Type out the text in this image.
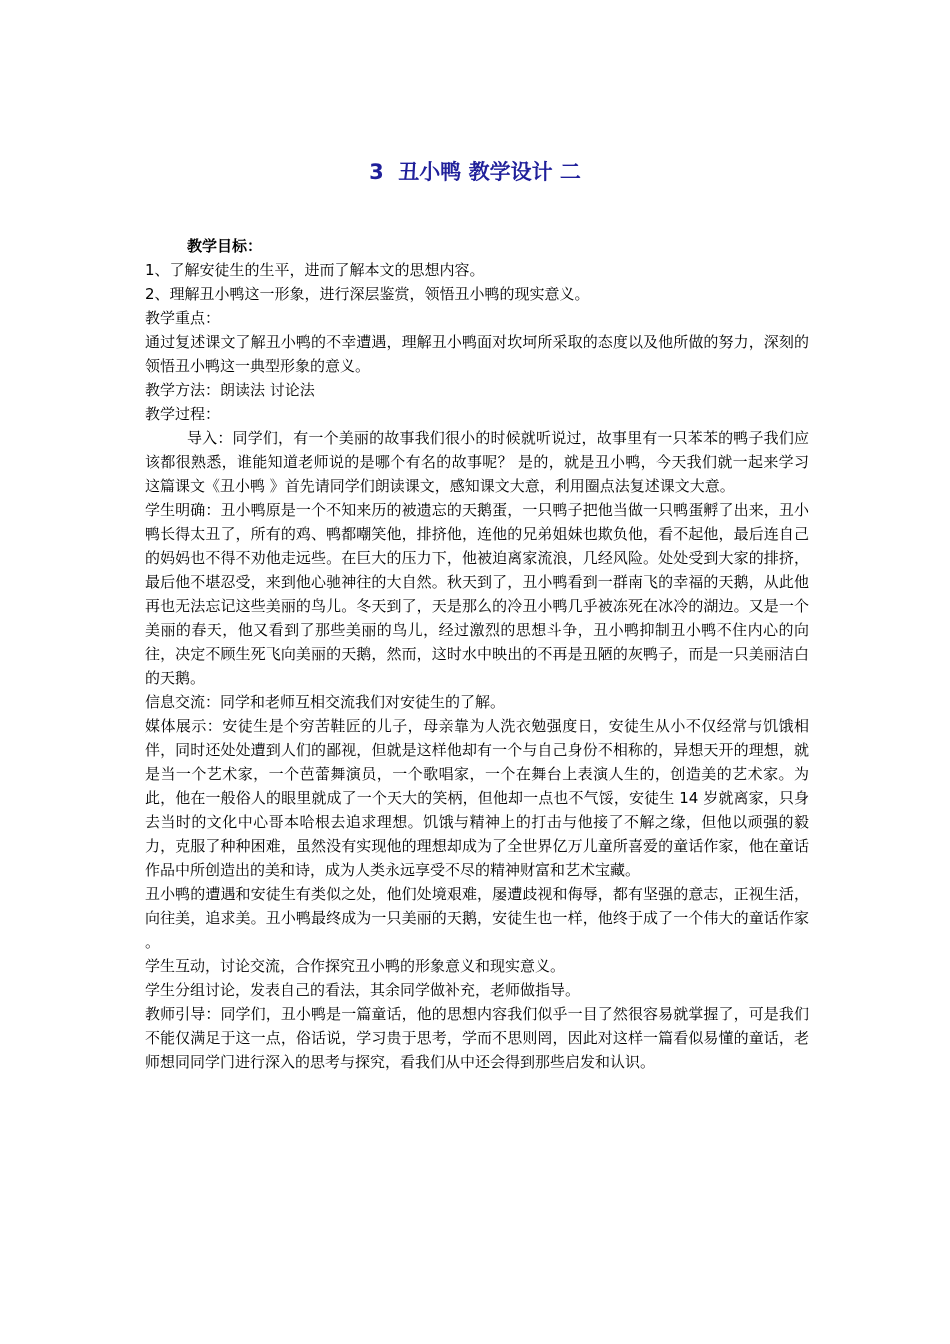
3  丑小鸭 教学设计 二

教学目标：

1、了解安徒生的生平，进而了解本文的思想内容。

2、理解丑小鸭这一形象，进行深层鉴赏，领悟丑小鸭的现实意义。

教学重点：

通过复述课文了解丑小鸭的不幸遭遇，理解丑小鸭面对坎坷所采取的态度以及他所做的努力，深刻的领悟丑小鸭这一典型形象的意义。

教学方法：朗读法 讨论法

教学过程：

导入：同学们，有一个美丽的故事我们很小的时候就听说过，故事里有一只苯苯的鸭子我们应该都很熟悉，谁能知道老师说的是哪个有名的故事呢？ 是的，就是丑小鸭，今天我们就一起来学习这篇课文《丑小鸭 》首先请同学们朗读课文，感知课文大意，利用圈点法复述课文大意。

学生明确：丑小鸭原是一个不知来历的被遗忘的天鹅蛋，一只鸭子把他当做一只鸭蛋孵了出来，丑小鸭长得太丑了，所有的鸡、鸭都嘲笑他，排挤他，连他的兄弟姐妹也欺负他，看不起他，最后连自己的妈妈也不得不劝他走远些。在巨大的压力下，他被迫离家流浪，几经风险。处处受到大家的排挤，最后他不堪忍受，来到他心驰神往的大自然。秋天到了，丑小鸭看到一群南飞的幸福的天鹅，从此他再也无法忘记这些美丽的鸟儿。冬天到了，天是那么的冷丑小鸭几乎被冻死在冰冷的湖边。又是一个美丽的春天，他又看到了那些美丽的鸟儿，经过激烈的思想斗争，丑小鸭抑制丑小鸭不住内心的向往，决定不顾生死飞向美丽的天鹅，然而，这时水中映出的不再是丑陋的灰鸭子，而是一只美丽洁白的天鹅。

信息交流：同学和老师互相交流我们对安徒生的了解。

媒体展示：安徒生是个穷苦鞋匠的儿子，母亲靠为人洗衣勉强度日，安徒生从小不仅经常与饥饿相伴，同时还处处遭到人们的鄙视，但就是这样他却有一个与自己身份不相称的，异想天开的理想，就是当一个艺术家，一个芭蕾舞演员，一个歌唱家，一个在舞台上表演人生的，创造美的艺术家。为此，他在一般俗人的眼里就成了一个天大的笑柄，但他却一点也不气馁，安徒生 14 岁就离家，只身去当时的文化中心哥本哈根去追求理想。饥饿与精神上的打击与他接了不解之缘，但他以顽强的毅力，克服了种种困难，虽然没有实现他的理想却成为了全世界亿万儿童所喜爱的童话作家，他在童话作品中所创造出的美和诗，成为人类永远享受不尽的精神财富和艺术宝藏。

丑小鸭的遭遇和安徒生有类似之处，他们处境艰难，屡遭歧视和侮辱，都有坚强的意志，正视生活，向往美，追求美。丑小鸭最终成为一只美丽的天鹅，安徒生也一样，他终于成了一个伟大的童话作家 。

学生互动，讨论交流，合作探究丑小鸭的形象意义和现实意义。

学生分组讨论，发表自己的看法，其余同学做补充，老师做指导。

教师引导：同学们，丑小鸭是一篇童话，他的思想内容我们似乎一目了然很容易就掌握了，可是我们不能仅满足于这一点，俗话说，学习贵于思考，学而不思则罔，因此对这样一篇看似易懂的童话，老师想同同学门进行深入的思考与探究，看我们从中还会得到那些启发和认识。
